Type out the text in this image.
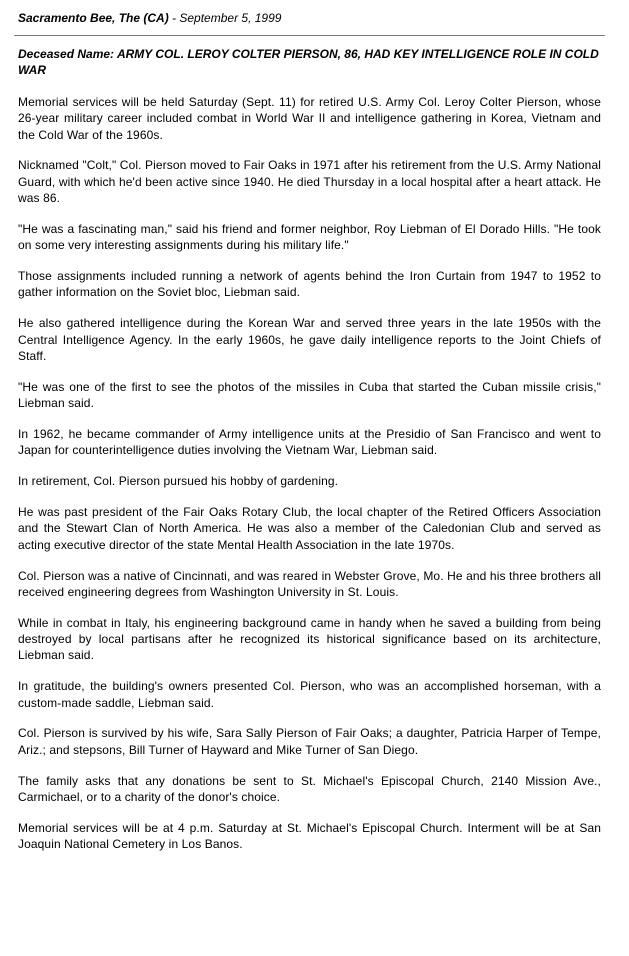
Sacramento Bee, The (CA) - September 5, 1999

Deceased Name: ARMY COL. LEROY COLTER PIERSON, 86, HAD KEY INTELLIGENCE ROLE IN COLD WAR

Memorial services will be held Saturday (Sept. 11) for retired U.S. Army Col. Leroy Colter Pierson, whose 26-year military career included combat in World War II and intelligence gathering in Korea, Vietnam and the Cold War of the 1960s.

Nicknamed "Colt," Col. Pierson moved to Fair Oaks in 1971 after his retirement from the U.S. Army National Guard, with which he'd been active since 1940. He died Thursday in a local hospital after a heart attack. He was 86.

"He was a fascinating man," said his friend and former neighbor, Roy Liebman of El Dorado Hills. "He took on some very interesting assignments during his military life."

Those assignments included running a network of agents behind the Iron Curtain from 1947 to 1952 to gather information on the Soviet bloc, Liebman said.

He also gathered intelligence during the Korean War and served three years in the late 1950s with the Central Intelligence Agency. In the early 1960s, he gave daily intelligence reports to the Joint Chiefs of Staff.

"He was one of the first to see the photos of the missiles in Cuba that started the Cuban missile crisis," Liebman said.

In 1962, he became commander of Army intelligence units at the Presidio of San Francisco and went to Japan for counterintelligence duties involving the Vietnam War, Liebman said.

In retirement, Col. Pierson pursued his hobby of gardening.

He was past president of the Fair Oaks Rotary Club, the local chapter of the Retired Officers Association and the Stewart Clan of North America. He was also a member of the Caledonian Club and served as acting executive director of the state Mental Health Association in the late 1970s.

Col. Pierson was a native of Cincinnati, and was reared in Webster Grove, Mo. He and his three brothers all received engineering degrees from Washington University in St. Louis.

While in combat in Italy, his engineering background came in handy when he saved a building from being destroyed by local partisans after he recognized its historical significance based on its architecture, Liebman said.

In gratitude, the building's owners presented Col. Pierson, who was an accomplished horseman, with a custom-made saddle, Liebman said.

Col. Pierson is survived by his wife, Sara Sally Pierson of Fair Oaks; a daughter, Patricia Harper of Tempe, Ariz.; and stepsons, Bill Turner of Hayward and Mike Turner of San Diego.

The family asks that any donations be sent to St. Michael's Episcopal Church, 2140 Mission Ave., Carmichael, or to a charity of the donor's choice.

Memorial services will be at 4 p.m. Saturday at St. Michael's Episcopal Church. Interment will be at San Joaquin National Cemetery in Los Banos.
